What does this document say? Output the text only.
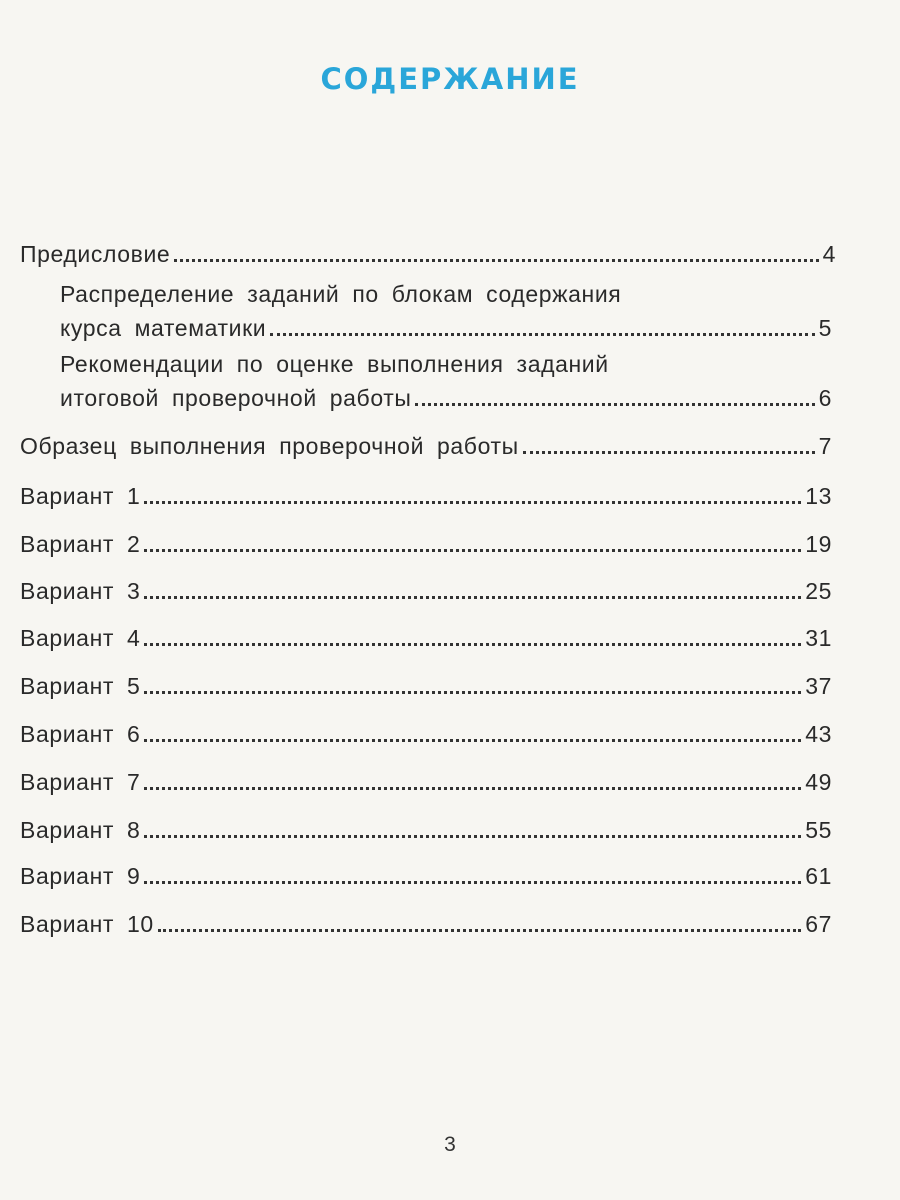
СОДЕРЖАНИЕ
Предисловие	4
Распределение заданий по блокам содержания
курса математики	5
Рекомендации по оценке выполнения заданий
итоговой проверочной работы	6
Образец выполнения проверочной работы	7
Вариант 1	13
Вариант 2	19
Вариант 3	25
Вариант 4	31
Вариант 5	37
Вариант 6	43
Вариант 7	49
Вариант 8	55
Вариант 9	61
Вариант 10	67
3
